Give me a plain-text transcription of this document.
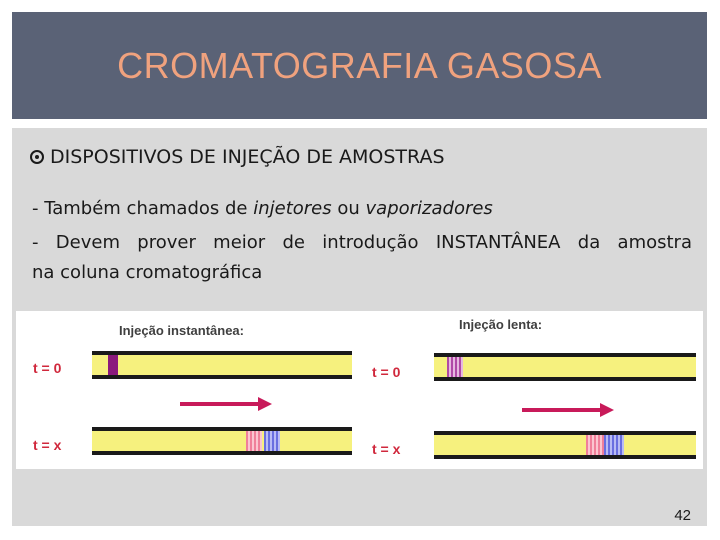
CROMATOGRAFIA GASOSA
DISPOSITIVOS DE INJEÇÃO DE AMOSTRAS
- Também chamados de injetores ou vaporizadores
- Devem prover meior de introdução INSTANTÂNEA da amostra
na coluna cromatográfica
Injeção instantânea:	Injeção lenta:
t = 0	t = 0
t = x	t = x
42
